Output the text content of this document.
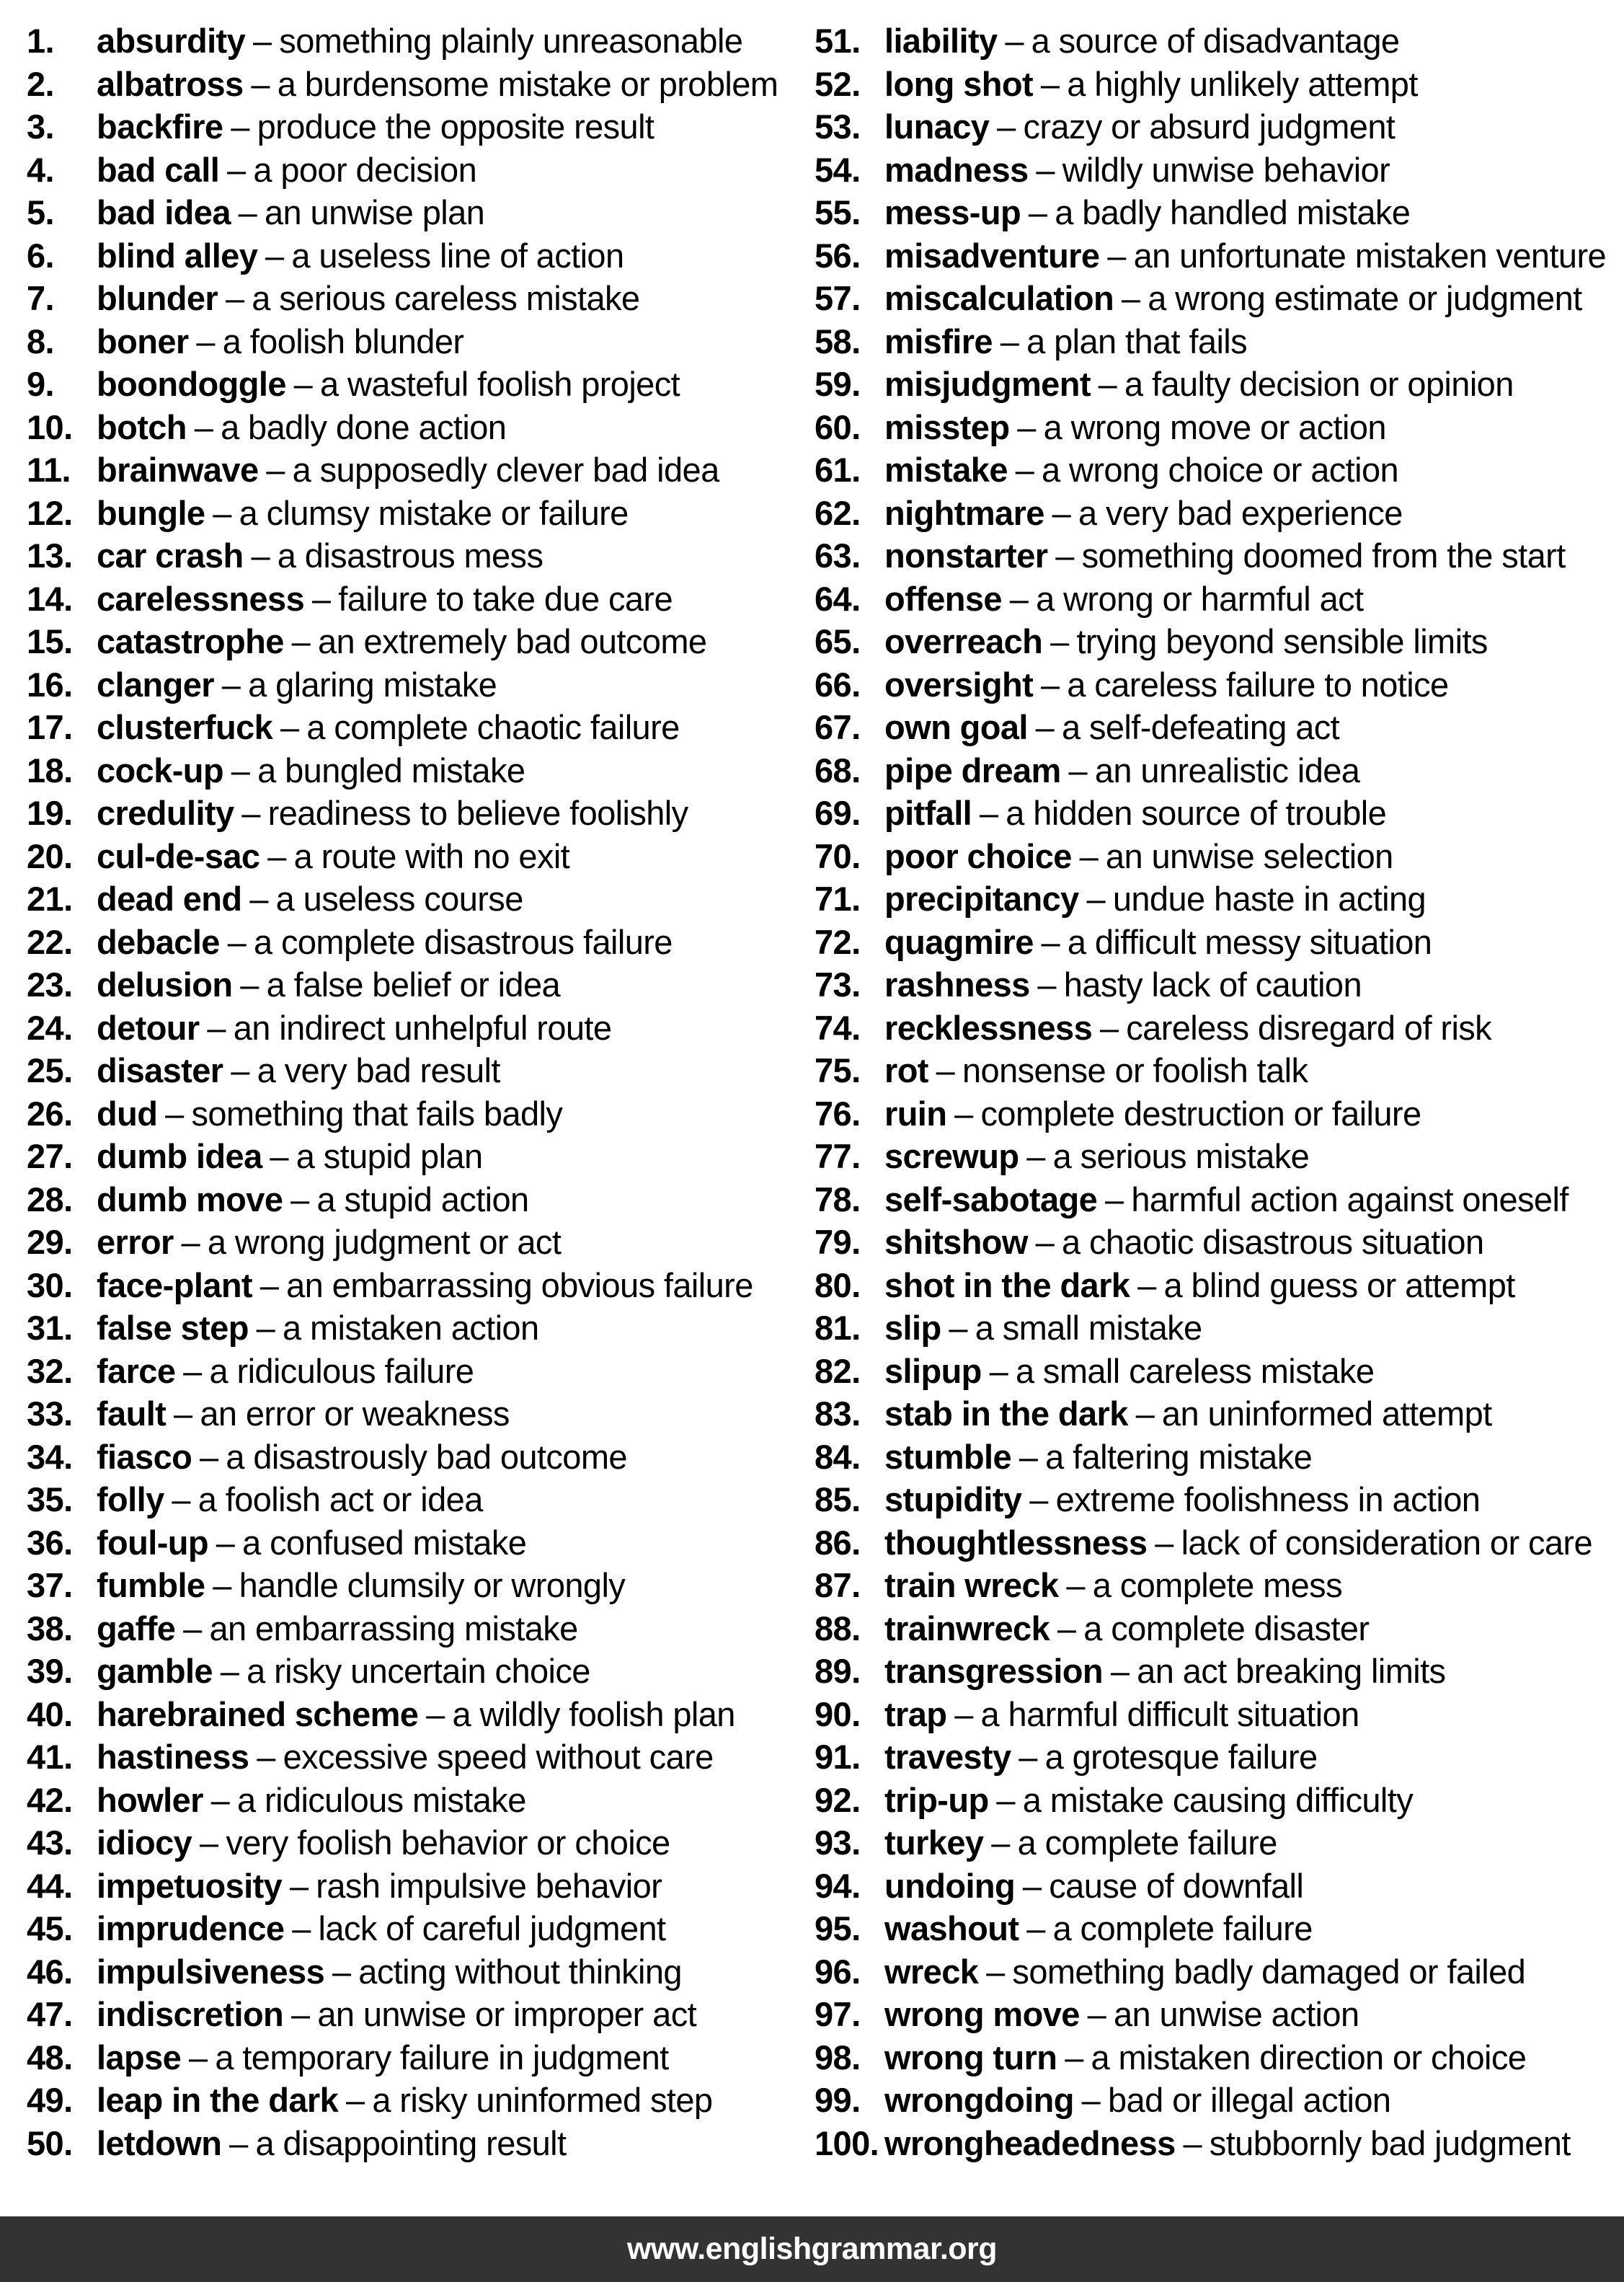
1.	absurdity – something plainly unreasonable
2.	albatross – a burdensome mistake or problem
3.	backfire – produce the opposite result
4.	bad call – a poor decision
5.	bad idea – an unwise plan
6.	blind alley – a useless line of action
7.	blunder – a serious careless mistake
8.	boner – a foolish blunder
9.	boondoggle – a wasteful foolish project
10. botch – a badly done action
11. brainwave – a supposedly clever bad idea
12. bungle – a clumsy mistake or failure
13. car crash – a disastrous mess
14. carelessness – failure to take due care
15. catastrophe – an extremely bad outcome
16. clanger – a glaring mistake
17. clusterfuck – a complete chaotic failure
18. cock-up – a bungled mistake
19. credulity – readiness to believe foolishly
20. cul-de-sac – a route with no exit
21. dead end – a useless course
22. debacle – a complete disastrous failure
23. delusion – a false belief or idea
24. detour – an indirect unhelpful route
25. disaster – a very bad result
26. dud – something that fails badly
27. dumb idea – a stupid plan
28. dumb move – a stupid action
29. error – a wrong judgment or act
30. face-plant – an embarrassing obvious failure
31. false step – a mistaken action
32. farce – a ridiculous failure
33. fault – an error or weakness
34. fiasco – a disastrously bad outcome
35. folly – a foolish act or idea
36. foul-up – a confused mistake
37. fumble – handle clumsily or wrongly
38. gaffe – an embarrassing mistake
39. gamble – a risky uncertain choice
40. harebrained scheme – a wildly foolish plan
41. hastiness – excessive speed without care
42. howler – a ridiculous mistake
43. idiocy – very foolish behavior or choice
44. impetuosity – rash impulsive behavior
45. imprudence – lack of careful judgment
46. impulsiveness – acting without thinking
47. indiscretion – an unwise or improper act
48. lapse – a temporary failure in judgment
49. leap in the dark – a risky uninformed step
50. letdown – a disappointing result
51. liability – a source of disadvantage
52. long shot – a highly unlikely attempt
53. lunacy – crazy or absurd judgment
54. madness – wildly unwise behavior
55. mess-up – a badly handled mistake
56. misadventure – an unfortunate mistaken venture
57. miscalculation – a wrong estimate or judgment
58. misfire – a plan that fails
59. misjudgment – a faulty decision or opinion
60. misstep – a wrong move or action
61. mistake – a wrong choice or action
62. nightmare – a very bad experience
63. nonstarter – something doomed from the start
64. offense – a wrong or harmful act
65. overreach – trying beyond sensible limits
66. oversight – a careless failure to notice
67. own goal – a self-defeating act
68. pipe dream – an unrealistic idea
69. pitfall – a hidden source of trouble
70. poor choice – an unwise selection
71. precipitancy – undue haste in acting
72. quagmire – a difficult messy situation
73. rashness – hasty lack of caution
74. recklessness – careless disregard of risk
75. rot – nonsense or foolish talk
76. ruin – complete destruction or failure
77. screwup – a serious mistake
78. self-sabotage – harmful action against oneself
79. shitshow – a chaotic disastrous situation
80. shot in the dark – a blind guess or attempt
81. slip – a small mistake
82. slipup – a small careless mistake
83. stab in the dark – an uninformed attempt
84. stumble – a faltering mistake
85. stupidity – extreme foolishness in action
86. thoughtlessness – lack of consideration or care
87. train wreck – a complete mess
88. trainwreck – a complete disaster
89. transgression – an act breaking limits
90. trap – a harmful difficult situation
91. travesty – a grotesque failure
92. trip-up – a mistake causing difficulty
93. turkey – a complete failure
94. undoing – cause of downfall
95. washout – a complete failure
96. wreck – something badly damaged or failed
97. wrong move – an unwise action
98. wrong turn – a mistaken direction or choice
99. wrongdoing – bad or illegal action
100. wrongheadedness – stubbornly bad judgment
www.englishgrammar.org
